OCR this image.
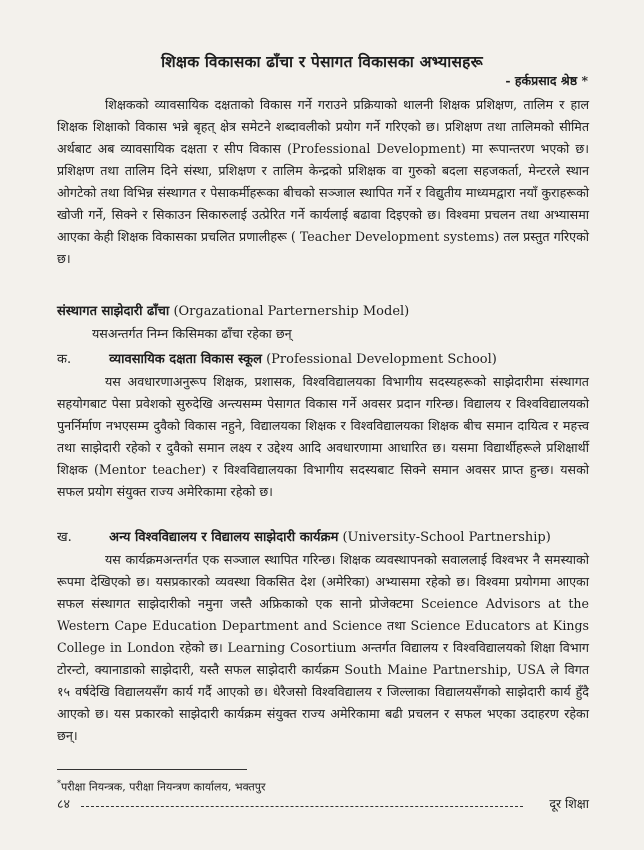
शिक्षक विकासका ढाँचा र पेसागत विकासका अभ्यासहरू
- हर्कप्रसाद श्रेष्ठ *

शिक्षकको व्यावसायिक दक्षताको विकास गर्ने गराउने प्रक्रियाको थालनी शिक्षक प्रशिक्षण, तालिम र हाल शिक्षक शिक्षाको विकास भन्ने बृहत् क्षेत्र समेटने शब्दावलीको प्रयोग गर्ने गरिएको छ। प्रशिक्षण तथा तालिमको सीमित अर्थबाट अब व्यावसायिक दक्षता र सीप विकास (Professional Development) मा रूपान्तरण भएको छ। प्रशिक्षण तथा तालिम दिने संस्था, प्रशिक्षण र तालिम केन्द्रको प्रशिक्षक वा गुरुको बदला सहजकर्ता, मेन्टरले स्थान ओगटेको तथा विभिन्न संस्थागत र पेसाकर्मीहरूका बीचको सञ्जाल स्थापित गर्ने र विद्युतीय माध्यमद्वारा नयाँ कुराहरूको खोजी गर्ने, सिक्ने र सिकाउन सिकारुलाई उत्प्रेरित गर्ने कार्यलाई बढावा दिइएको छ। विश्वमा प्रचलन तथा अभ्यासमा आएका केही शिक्षक विकासका प्रचलित प्रणालीहरू ( Teacher Development systems) तल प्रस्तुत गरिएको छ।

संस्थागत साझेदारी ढाँचा (Orgazational Parternership Model)
यसअन्तर्गत निम्न किसिमका ढाँचा रहेका छन्
क.	व्यावसायिक दक्षता विकास स्कूल (Professional Development School)

यस अवधारणाअनुरूप शिक्षक, प्रशासक, विश्वविद्यालयका विभागीय सदस्यहरूको साझेदारीमा संस्थागत सहयोगबाट पेसा प्रवेशको सुरुदेखि अन्त्यसम्म पेसागत विकास गर्ने अवसर प्रदान गरिन्छ। विद्यालय र विश्वविद्यालयको पुनर्निर्माण नभएसम्म दुवैको विकास नहुने, विद्यालयका शिक्षक र विश्वविद्यालयका शिक्षक बीच समान दायित्व र महत्त्व तथा साझेदारी रहेको र दुवैको समान लक्ष्य र उद्देश्य आदि अवधारणामा आधारित छ। यसमा विद्यार्थीहरूले प्रशिक्षार्थी शिक्षक (Mentor teacher) र विश्वविद्यालयका विभागीय सदस्यबाट सिक्ने समान अवसर प्राप्त हुन्छ। यसको सफल प्रयोग संयुक्त राज्य अमेरिकामा रहेको छ।

ख.	अन्य विश्वविद्यालय र विद्यालय साझेदारी कार्यक्रम (University-School Partnership)

यस कार्यक्रमअन्तर्गत एक सञ्जाल स्थापित गरिन्छ। शिक्षक व्यवस्थापनको सवाललाई विश्वभर नै समस्याको रूपमा देखिएको छ। यसप्रकारको व्यवस्था विकसित देश (अमेरिका) अभ्यासमा रहेको छ। विश्वमा प्रयोगमा आएका सफल संस्थागत साझेदारीको नमुना जस्तै अफ्रिकाको एक सानो प्रोजेक्टमा Sceience Advisors at the Western Cape Education Department and Science तथा Science Educators at Kings College in London रहेको छ। Learning Cosortium अन्तर्गत विद्यालय र विश्वविद्यालयको शिक्षा विभाग टोरन्टो, क्यानाडाको साझेदारी, यस्तै सफल साझेदारी कार्यक्रम South Maine Partnership, USA ले विगत १५ वर्षदेखि विद्यालयसँग कार्य गर्दै आएको छ। धेरैजसो विश्वविद्यालय र जिल्लाका विद्यालयसँगको साझेदारी कार्य हुँदै आएको छ। यस प्रकारको साझेदारी कार्यक्रम संयुक्त राज्य अमेरिकामा बढी प्रचलन र सफल भएका उदाहरण रहेका छन्।

*परीक्षा नियन्त्रक, परीक्षा नियन्त्रण कार्यालय, भक्तपुर
८४	दूर शिक्षा
